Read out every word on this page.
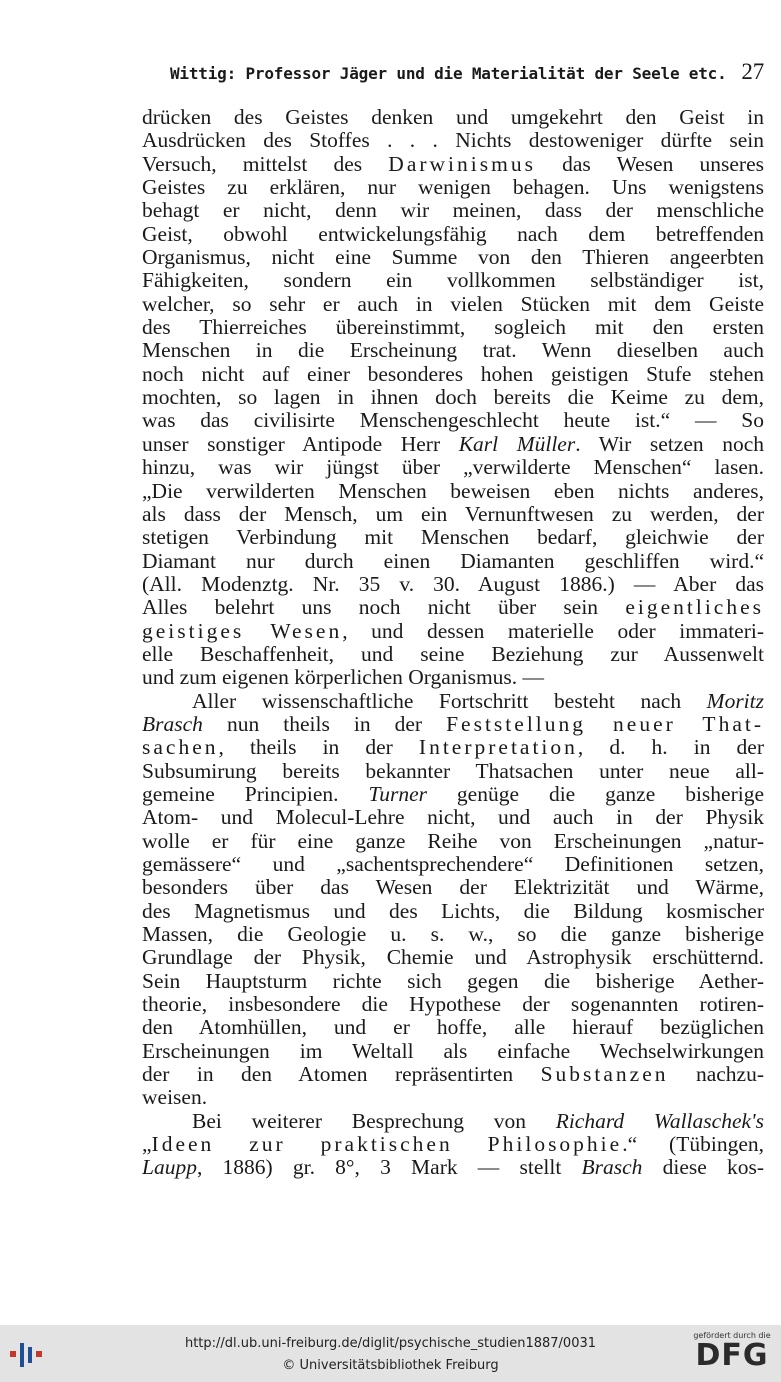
Wittig: Professor Jäger und die Materialität der Seele etc. 27
drücken des Geistes denken und umgekehrt den Geist in
Ausdrücken des Stoffes . . . Nichts destoweniger dürfte sein
Versuch, mittelst des Darwinismus das Wesen unseres
Geistes zu erklären, nur wenigen behagen. Uns wenigstens
behagt er nicht, denn wir meinen, dass der menschliche
Geist, obwohl entwickelungsfähig nach dem betreffenden
Organismus, nicht eine Summe von den Thieren angeerbten
Fähigkeiten, sondern ein vollkommen selbständiger ist,
welcher, so sehr er auch in vielen Stücken mit dem Geiste
des Thierreiches übereinstimmt, sogleich mit den ersten
Menschen in die Erscheinung trat. Wenn dieselben auch
noch nicht auf einer besonderes hohen geistigen Stufe stehen
mochten, so lagen in ihnen doch bereits die Keime zu dem,
was das civilisirte Menschengeschlecht heute ist.“ — So
unser sonstiger Antipode Herr Karl Müller. Wir setzen noch
hinzu, was wir jüngst über „verwilderte Menschen“ lasen.
„Die verwilderten Menschen beweisen eben nichts anderes,
als dass der Mensch, um ein Vernunftwesen zu werden, der
stetigen Verbindung mit Menschen bedarf, gleichwie der
Diamant nur durch einen Diamanten geschliffen wird.“
(All. Modenztg. Nr. 35 v. 30. August 1886.) — Aber das
Alles belehrt uns noch nicht über sein eigentliches
geistiges Wesen, und dessen materielle oder immateri-
elle Beschaffenheit, und seine Beziehung zur Aussenwelt
und zum eigenen körperlichen Organismus. —
Aller wissenschaftliche Fortschritt besteht nach Moritz
Brasch nun theils in der Feststellung neuer That-
sachen, theils in der Interpretation, d. h. in der
Subsumirung bereits bekannter Thatsachen unter neue all-
gemeine Principien. Turner genüge die ganze bisherige
Atom- und Molecul-Lehre nicht, und auch in der Physik
wolle er für eine ganze Reihe von Erscheinungen „natur-
gemässere“ und „sachentsprechendere“ Definitionen setzen,
besonders über das Wesen der Elektrizität und Wärme,
des Magnetismus und des Lichts, die Bildung kosmischer
Massen, die Geologie u. s. w., so die ganze bisherige
Grundlage der Physik, Chemie und Astrophysik erschütternd.
Sein Hauptsturm richte sich gegen die bisherige Aether-
theorie, insbesondere die Hypothese der sogenannten rotiren-
den Atomhüllen, und er hoffe, alle hierauf bezüglichen
Erscheinungen im Weltall als einfache Wechselwirkungen
der in den Atomen repräsentirten Substanzen nachzu-
weisen.
Bei weiterer Besprechung von Richard Wallaschek's
„Ideen zur praktischen Philosophie.“ (Tübingen,
Laupp, 1886) gr. 8°, 3 Mark — stellt Brasch diese kos-
http://dl.ub.uni-freiburg.de/diglit/psychische_studien1887/0031
© Universitätsbibliothek Freiburg
gefördert durch die
DFG
